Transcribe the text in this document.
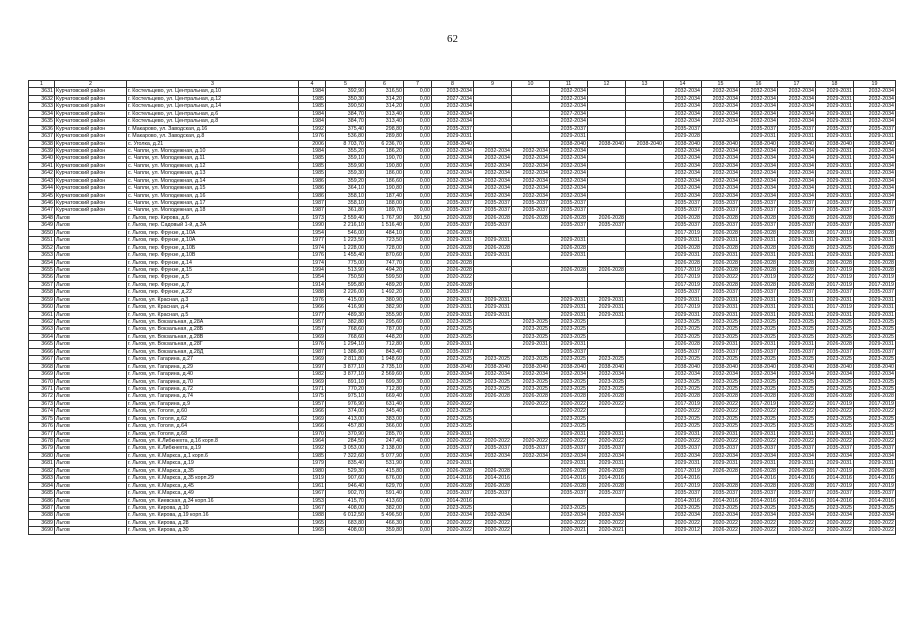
62
1	2	3	4	5	6	7	8	9	10	11	12	13	14	15	16	17	18	19
3631	Курчатовский район	г. Костельцево, ул. Центральная, д.10	1984	392,90	316,50	0,00	2033-2034			2032-2034			2032-2034	2032-2034	2032-2034	2032-2034	2029-2031	2032-2034
3632	Курчатовский район	г. Костельцево, ул. Центральная, д.12	1985	350,30	314,20	0,00	2027-2034			2032-2034			2032-2034	2032-2034	2032-2034	2032-2034	2029-2031	2032-2034
3633	Курчатовский район	г. Костельцево, ул. Центральная, д.14	1985	390,50	314,20	0,00	2032-2034			2032-2034			2032-2034	2032-2034	2032-2034	2032-2034	2029-2031	2032-2034
3634	Курчатовский район	г. Костельцево, ул. Центральная, д.6	1984	384,70	313,40	0,00	2032-2034			2027-2034			2032-2034	2032-2034	2032-2034	2032-2034	2029-2031	2032-2034
3635	Курчатовский район	г. Костельцево, ул. Центральная, д.8	1984	384,70	313,40	0,00	2032-2034			2032-2034			2032-2034	2032-2034	2032-2034	2032-2034	2029-2031	2032-2034
3636	Курчатовский район	г. Макарово, ул. Заводская, д.16	1992	375,40	298,80	0,00	2035-2037			2035-2037			2035-2037		2035-2037	2035-2037	2035-2037	2035-2037
3637	Курчатовский район	г. Макарово, ул. Заводская, д.8	1976	536,80	289,80	0,00	2029-2031			2029-2031			2029-2028		2029-2031	2029-2031	2029-2031	2029-2031
3638	Курчатовский район	с. Уголка, д.21	2006	8 703,70	6 236,70	0,00	2038-2040			2038-2040	2038-2040	2038-2040	2038-2040	2038-2040	2038-2040	2038-2040	2038-2040	2038-2040
3639	Курчатовский район	с. Чапли, ул. Молодежная, д.10	1984	355,20	186,20	0,00	2032-2034	2032-2034	2032-2034	2032-2034			2032-2034	2032-2034	2032-2034	2032-2034	2029-2031	2032-2034
3640	Курчатовский район	с. Чапли, ул. Молодежная, д.11	1985	359,10	190,70	0,00	2032-2034	2032-2034	2032-2034	2032-2034			2032-2034	2032-2034	2032-2034	2032-2034	2029-2031	2032-2034
3641	Курчатовский район	с. Чапли, ул. Молодежная, д.12	1985	359,90	190,80	0,00	2032-2034	2032-2034	2032-2034	2032-2034			2032-2034	2032-2034	2032-2034	2032-2034	2029-2031	2032-2034
3642	Курчатовский район	с. Чапли, ул. Молодежная, д.13	1985	359,30	186,00	0,00	2032-2034	2032-2034	2032-2034	2032-2034			2032-2034	2032-2034	2032-2034	2032-2034	2029-2031	2032-2034
3643	Курчатовский район	с. Чапли, ул. Молодежная, д.14	1986	359,20	186,60	0,00	2032-2034	2032-2034	2032-2034	2032-2034			2032-2034	2032-2034	2032-2034	2032-2034	2029-2031	2032-2034
3644	Курчатовский район	с. Чапли, ул. Молодежная, д.15	1986	364,10	190,80	0,00	2032-2034	2032-2034	2032-2034	2032-2034			2032-2034	2032-2034	2032-2034	2032-2034	2029-2031	2032-2034
3645	Курчатовский район	с. Чапли, ул. Молодежная, д.16	1986	358,10	187,40	0,00	2032-2034	2032-2034	2032-2034	2032-2034			2032-2034	2032-2034	2032-2034	2032-2034	2029-2031	2032-2034
3646	Курчатовский район	с. Чапли, ул. Молодежная, д.17	1987	358,10	188,00	0,00	2035-2037	2035-2037	2035-2037	2035-2037			2035-2037	2035-2037	2035-2037	2035-2037	2035-2037	2035-2037
3647	Курчатовский район	с. Чапли, ул. Молодежная, д.18	1987	361,80	189,70	0,00	2035-2037	2035-2037	2035-2037	2035-2037			2035-2037	2035-2037	2035-2037	2035-2037	2035-2037	2035-2037
3648	Льгов	г. Льгов, пер. Кирова, д.6	1973	2 559,40	1 767,90	391,50	2020-2028	2026-2028	2026-2028	2026-2028	2026-2028		2026-2028	2026-2028	2026-2028	2026-2028	2026-2028	2026-2028
3649	Льгов	г. Льгов, пер. Садовый 1-й, д.3А	1990	2 216,10	1 516,40	0,00	2035-2037	2035-2037		2035-2037	2035-2037		2035-2037	2035-2037	2035-2037	2035-2037	2035-2037	2035-2037
3650	Льгов	г. Льгов, пер. Фрунзе, д.10А	1954	546,00	484,10	0,00	2026-2028						2017-2019	2026-2028	2026-2028	2026-2028	2017-2019	2026-2028
3651	Льгов	г. Льгов, пер. Фрунзе, д.10А	1977	1 223,50	723,50	0,00	2029-2031	2029-2031		2029-2031			2029-2031	2029-2031	2029-2031	2029-2031	2029-2031	2029-2031
3652	Льгов	г. Льгов, пер. Фрунзе, д.10Б	1974	1 228,00	728,00	0,00	2026-2028	2026-2028		2026-2028			2026-2028	2026-2028	2026-2028	2026-2028	2023-2025	2026-2028
3653	Льгов	г. Льгов, пер. Фрунзе, д.10В	1976	1 455,40	870,60	0,00	2029-2031	2029-2031		2029-2031			2029-2031	2029-2031	2029-2031	2029-2031	2029-2031	2029-2031
3654	Льгов	г. Льгов, пер. Фрунзе, д.14	1974	775,00	747,70	0,00	2026-2028						2026-2028	2026-2028	2026-2028	2026-2028	2026-2028	2026-2028
3655	Льгов	г. Льгов, пер. Фрунзе, д.15	1994	513,90	494,20	0,00	2026-2028			2026-2028	2026-2028		2017-2019	2026-2028	2026-2028	2026-2028	2017-2019	2026-2028
3656	Льгов	г. Льгов, пер. Фрунзе, д.5	1954	750,50	599,50	0,00	2020-2022						2017-2019	2020-2022	2017-2019	2020-2022	2017-2019	2017-2019
3657	Льгов	г. Льгов, пер. Фрунзе, д.7	1914	595,80	489,20	0,00	2026-2028						2017-2019	2026-2028	2026-2028	2026-2028	2017-2019	2017-2019
3658	Льгов	г. Льгов, пер. Фрунзе, д.22	1988	2 226,00	1 492,20	0,00	2035-2037						2035-2037	2035-2037	2035-2037	2035-2037	2035-2037	2035-2037
3659	Льгов	г. Льгов, ул. Красная, д.3	1976	415,00	380,90	0,00	2029-2031	2029-2031		2029-2031	2029-2031		2029-2031	2029-2031	2029-2031	2029-2031	2029-2031	2029-2031
3660	Льгов	г. Льгов, ул. Красная, д.4	1966	416,90	382,90	0,00	2029-2031	2029-2031		2029-2031	2029-2031		2017-2019	2029-2031	2029-2031	2029-2031	2017-2019	2029-2031
3661	Льгов	г. Льгов, ул. Красная, д.5	1977	489,30	355,90	0,00	2029-2031	2029-2031		2029-2031	2029-2031		2029-2031	2029-2031	2029-2031	2029-2031	2029-2031	2029-2031
3662	Льгов	г. Льгов, ул. Вокзальная, д.28А	1957	382,80	295,60	0,00	2023-2025		2023-2025	2023-2025			2023-2025	2023-2025	2023-2025	2023-2025	2023-2025	2023-2025
3663	Льгов	г. Льгов, ул. Вокзальная, д.28Б	1957	768,60	787,00	0,00	2023-2025		2023-2025	2023-2025			2023-2025	2023-2025	2023-2025	2023-2025	2023-2025	2023-2025
3664	Льгов	г. Льгов, ул. Вокзальная, д.28В	1969	768,60	448,20	0,00	2023-2025		2023-2025	2023-2025			2023-2025	2023-2025	2023-2025	2023-2025	2023-2025	2023-2025
3665	Льгов	г. Льгов, ул. Вокзальная, д.28Г	1976	1 294,10	712,80	0,00	2029-2031		2029-2031	2029-2031			2026-2028	2029-2031	2029-2031	2029-2031	2026-2028	2029-2031
3666	Льгов	г. Льгов, ул. Вокзальная, д.28Д	1987	1 386,90	843,40	0,00	2035-2037			2035-2037			2035-2037	2035-2037	2035-2037	2035-2037	2035-2037	2035-2037
3667	Льгов	г. Льгов, ул. Гагарина, д.27	1969	2 811,80	1 948,60	0,00	2023-2025	2023-2025	2023-2025	2023-2025	2023-2025		2023-2025	2023-2025	2023-2025	2023-2025	2023-2025	2023-2025
3668	Льгов	г. Льгов, ул. Гагарина, д.29	1997	3 877,10	2 735,10	0,00	2038-2040	2038-2040	2038-2040	2038-2040	2038-2040		2038-2040	2038-2040	2038-2040	2038-2040	2038-2040	2038-2040
3669	Льгов	г. Льгов, ул. Гагарина, д.40	1982	3 877,10	2 569,60	0,00	2032-2034	2032-2034	2032-2034	2032-2034	2032-2034		2032-2034	2032-2034	2032-2034	2032-2034	2032-2034	2032-2034
3670	Льгов	г. Льгов, ул. Гагарина, д.70	1969	891,10	699,30	0,00	2023-2025	2023-2025	2023-2025	2023-2025	2023-2025		2023-2025	2023-2025	2023-2025	2023-2025	2023-2025	2023-2025
3671	Льгов	г. Льгов, ул. Гагарина, д.72	1971	770,20	712,80	0,00	2023-2025	2023-2025	2023-2025	2023-2025	2023-2025		2023-2025	2023-2025	2023-2025	2023-2025	2023-2025	2023-2025
3672	Льгов	г. Льгов, ул. Гагарина, д.74	1975	975,10	669,40	0,00	2026-2028	2026-2028	2026-2028	2026-2028	2026-2028		2026-2028	2026-2028	2026-2028	2026-2028	2026-2028	2026-2028
3673	Льгов	г. Льгов, ул. Гагарина, д.9	1957	976,90	631,40	0,00	2020-2022		2020-2022	2020-2022	2020-2022		2017-2019	2020-2022	2017-2019	2020-2022	2017-2019	2017-2019
3674	Льгов	г. Льгов, ул. Гоголя, д.60	1966	374,00	345,40	0,00	2023-2025			2020-2022			2020-2022	2020-2022	2020-2022	2020-2022	2020-2022	2020-2022
3675	Льгов	г. Льгов, ул. Гоголя, д.62	1969	413,00	383,00	0,00	2023-2025			2023-2025			2023-2025	2023-2025	2023-2025	2023-2025	2023-2025	2023-2025
3676	Льгов	г. Льгов, ул. Гоголя, д.64	1966	457,80	366,00	0,00	2023-2025			2023-2025			2023-2025	2023-2025	2023-2025	2023-2025	2023-2025	2023-2025
3677	Льгов	г. Льгов, ул. Гоголя, д.68	1970	370,90	285,70	0,00	2029-2031			2029-2031	2029-2031		2029-2031	2029-2031	2029-2031	2029-2031	2029-2031	2029-2031
3678	Льгов	г. Льгов, ул. К.Либкнехта, д.16 корп.8	1964	284,50	247,40	0,00	2020-2022	2020-2022	2020-2022	2020-2022	2020-2022		2020-2022	2020-2022	2020-2022	2020-2022	2020-2022	2020-2022
3679	Льгов	г. Льгов, ул. К.Либкнехта, д.19	1992	3 053,00	2 138,00	0,00	2035-2037	2035-2037	2035-2037	2035-2037	2035-2037		2035-2037	2035-2037	2035-2037	2035-2037	2035-2037	2035-2037
3680	Льгов	г. Льгов, ул. К.Маркса, д.1 корп.6	1985	7 322,60	5 077,90	0,00	2032-2034	2032-2034	2032-2034	2032-2034	2032-2034		2032-2034	2032-2034	2032-2034	2032-2034	2032-2034	2032-2034
3681	Льгов	г. Льгов, ул. К.Маркса, д.19	1979	835,40	531,90	0,00	2029-2031			2029-2031	2029-2031		2029-2031	2029-2031	2029-2031	2029-2031	2029-2031	2029-2031
3682	Льгов	г. Льгов, ул. К.Маркса, д.35	1980	529,30	415,80	0,00	2026-2028	2026-2028		2026-2028	2026-2028		2017-2019	2026-2028	2026-2028	2026-2028	2017-2019	2026-2028
3683	Льгов	г. Льгов, ул. К.Маркса, д.35 корп.29	1919	907,60	676,00	0,00	2014-2016	2014-2016		2014-2016	2014-2016		2014-2016		2014-2016	2014-2016	2014-2016	2014-2016
3684	Льгов	г. Льгов, ул. К.Маркса, д.45	1961	946,40	629,70	0,00	2026-2028	2026-2028		2026-2028	2026-2028		2017-2019	2026-2028	2026-2028	2026-2028	2017-2019	2017-2019
3685	Льгов	г. Льгов, ул. К.Маркса, д.49	1967	902,70	591,40	0,00	2035-2037	2035-2037		2035-2037	2035-2037		2035-2037	2035-2037	2035-2037	2035-2037	2035-2037	2035-2037
3686	Льгов	г. Льгов, ул. Киевская, д.34 корп.16	1953	415,70	413,60	0,00	2014-2016						2014-2016	2014-2016	2014-2016	2014-2016	2014-2016	2014-2016
3687	Льгов	г. Льгов, ул. Кирова, д.10	1967	408,00	382,00	0,00	2023-2025			2023-2025			2023-2025	2023-2025	2023-2025	2023-2025	2023-2025	2023-2025
3688	Льгов	г. Льгов, ул. Кирова, д.19 корп.16	1988	6 012,50	5 496,50	0,00	2032-2034	2032-2034		2032-2034	2032-2034		2032-2034	2032-2034	2032-2034	2032-2034	2032-2034	2032-2034
3689	Льгов	г. Льгов, ул. Кирова, д.28	1965	683,80	466,30	0,00	2020-2022	2020-2022		2020-2022	2020-2022		2020-2022	2020-2022	2020-2022	2020-2022	2020-2022	2020-2022
3690	Льгов	г. Льгов, ул. Кирова, д.30	1965	408,00	359,80	0,00	2020-2022	2020-2022		2020-2021	2020-2021		2029-2012	2026-2022	2020-2022	2020-2022	2020-2022	2020-2022
